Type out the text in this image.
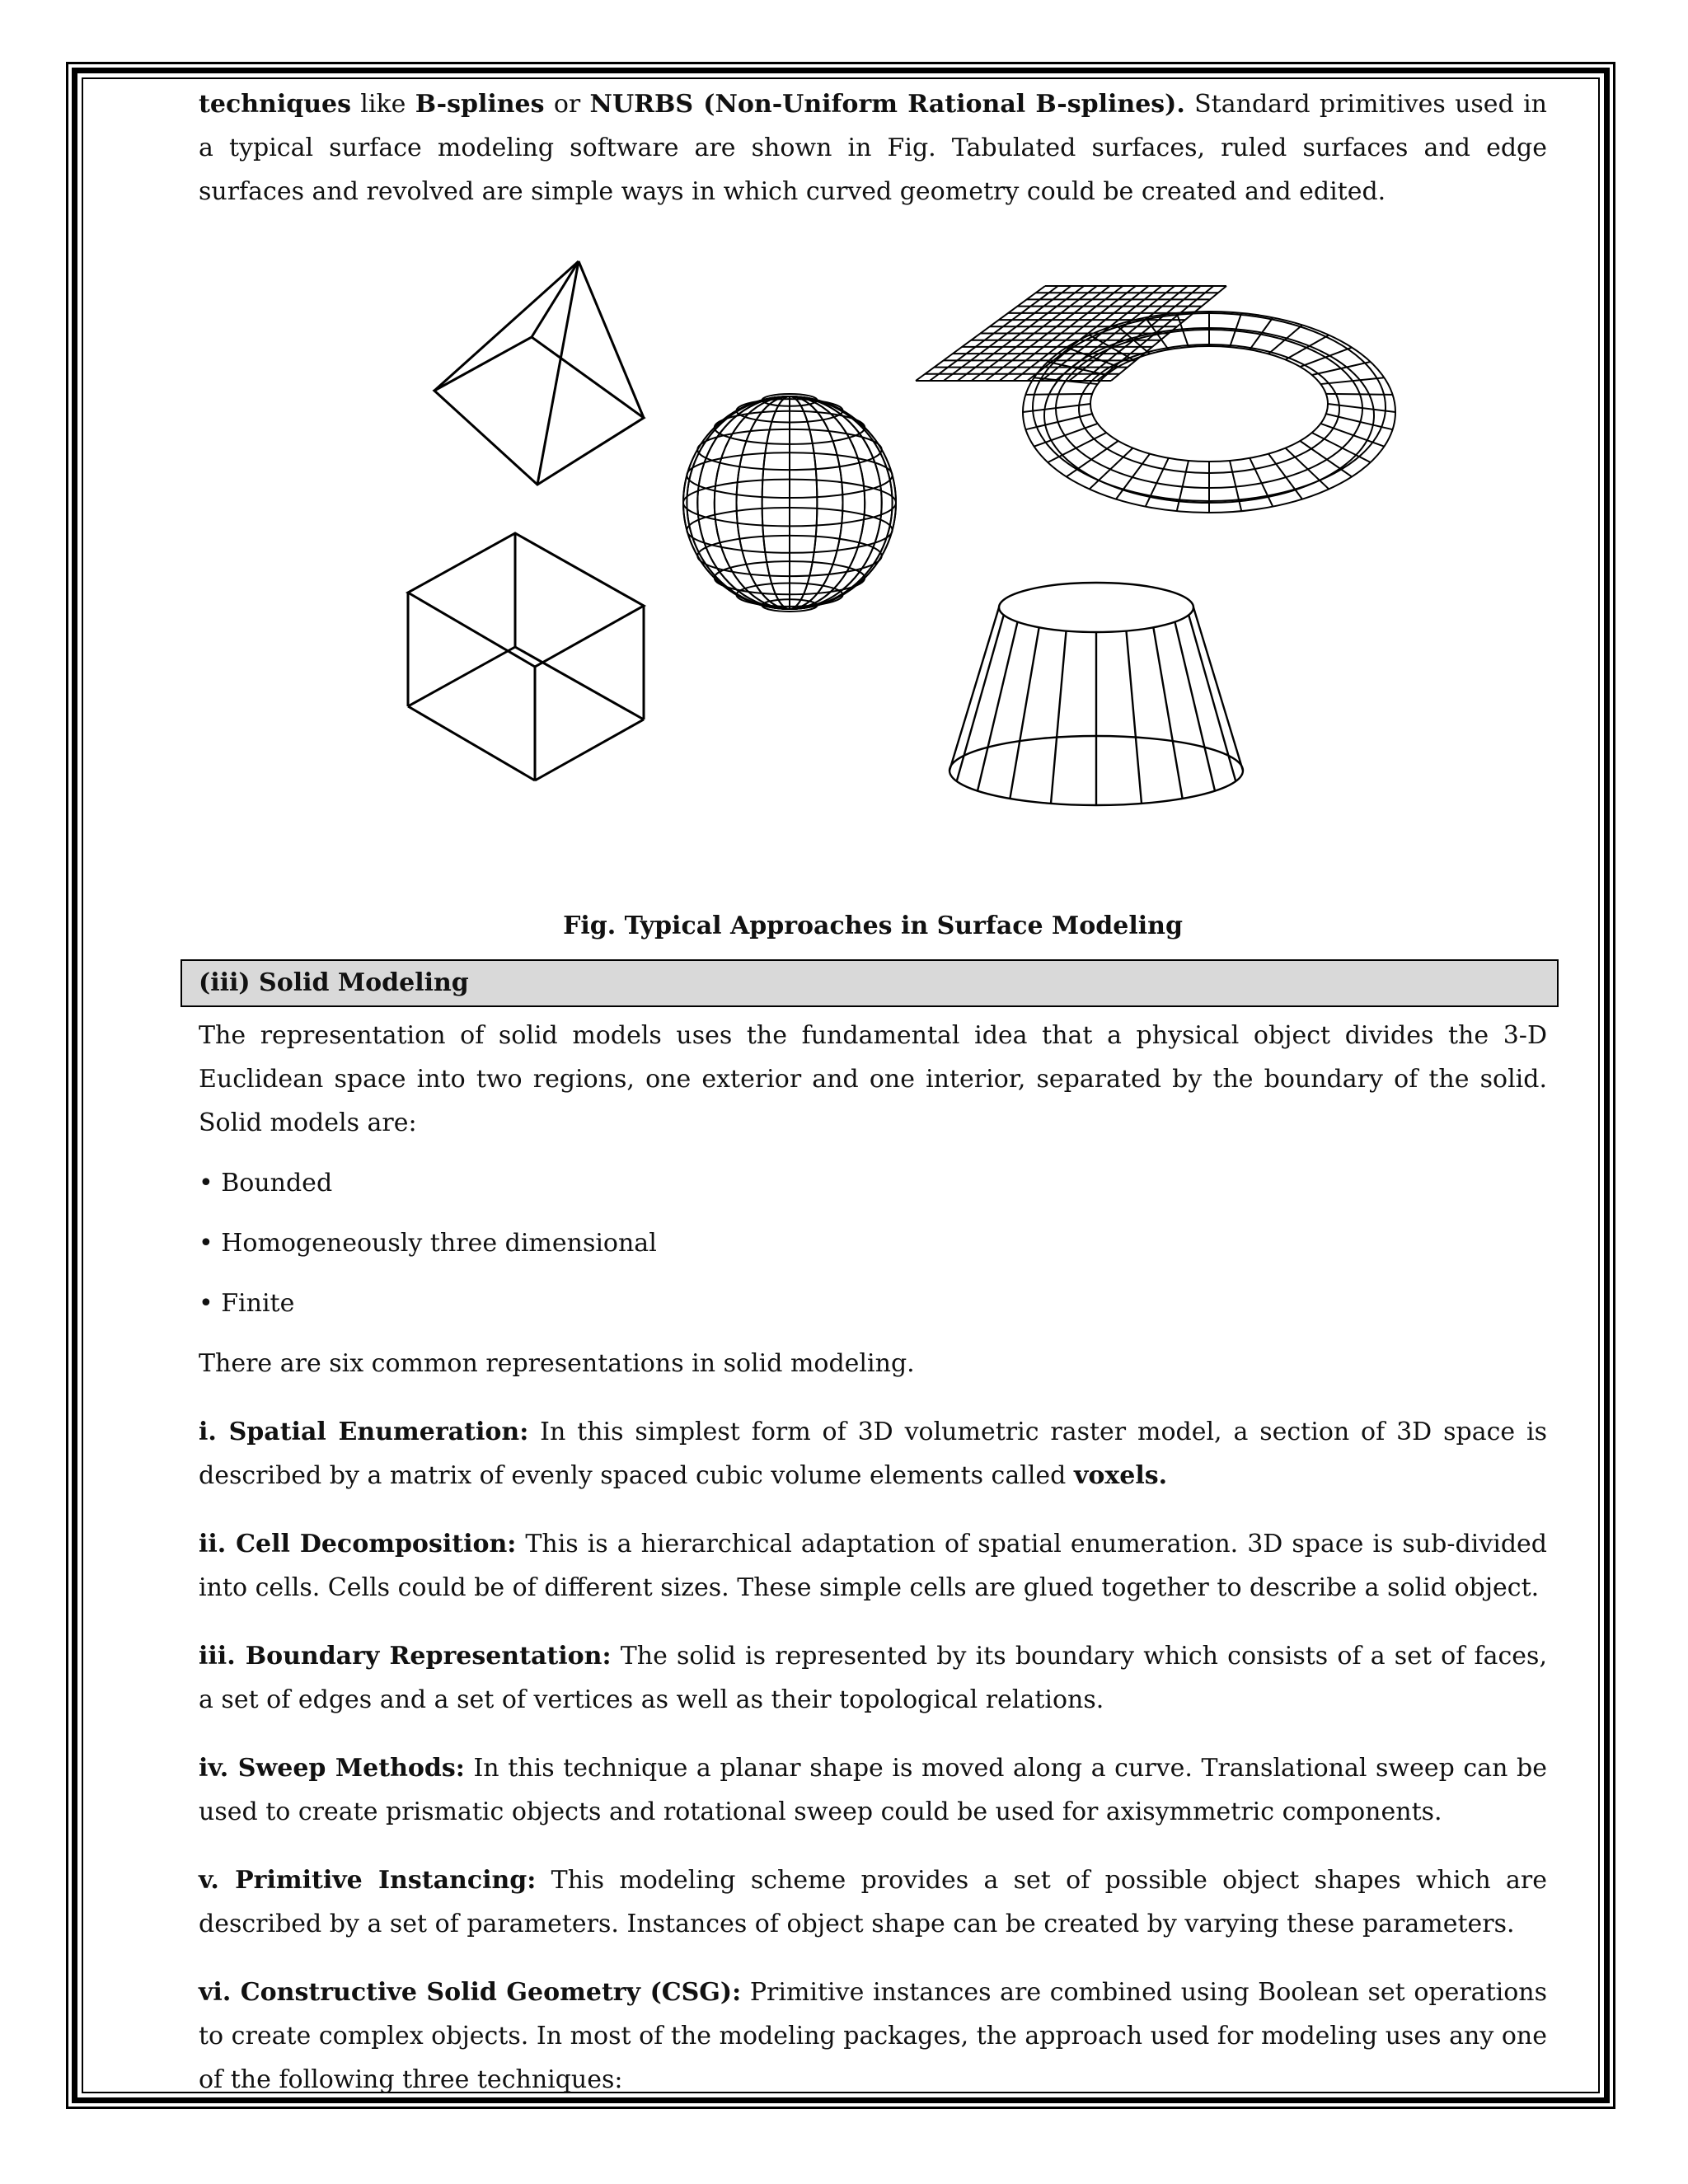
techniques like B-splines or NURBS (Non-Uniform Rational B-splines). Standard primitives used in a typical surface modeling software are shown in Fig. Tabulated surfaces, ruled surfaces and edge surfaces and revolved are simple ways in which curved geometry could be created and edited.

Fig. Typical Approaches in Surface Modeling

(iii) Solid Modeling

The representation of solid models uses the fundamental idea that a physical object divides the 3-D Euclidean space into two regions, one exterior and one interior, separated by the boundary of the solid. Solid models are:

• Bounded

• Homogeneously three dimensional

• Finite

There are six common representations in solid modeling.

i. Spatial Enumeration: In this simplest form of 3D volumetric raster model, a section of 3D space is described by a matrix of evenly spaced cubic volume elements called voxels.

ii. Cell Decomposition: This is a hierarchical adaptation of spatial enumeration. 3D space is sub-divided into cells. Cells could be of different sizes. These simple cells are glued together to describe a solid object.

iii. Boundary Representation: The solid is represented by its boundary which consists of a set of faces, a set of edges and a set of vertices as well as their topological relations.

iv. Sweep Methods: In this technique a planar shape is moved along a curve. Translational sweep can be used to create prismatic objects and rotational sweep could be used for axisymmetric components.

v. Primitive Instancing: This modeling scheme provides a set of possible object shapes which are described by a set of parameters. Instances of object shape can be created by varying these parameters.

vi. Constructive Solid Geometry (CSG): Primitive instances are combined using Boolean set operations to create complex objects. In most of the modeling packages, the approach used for modeling uses any one of the following three techniques:
